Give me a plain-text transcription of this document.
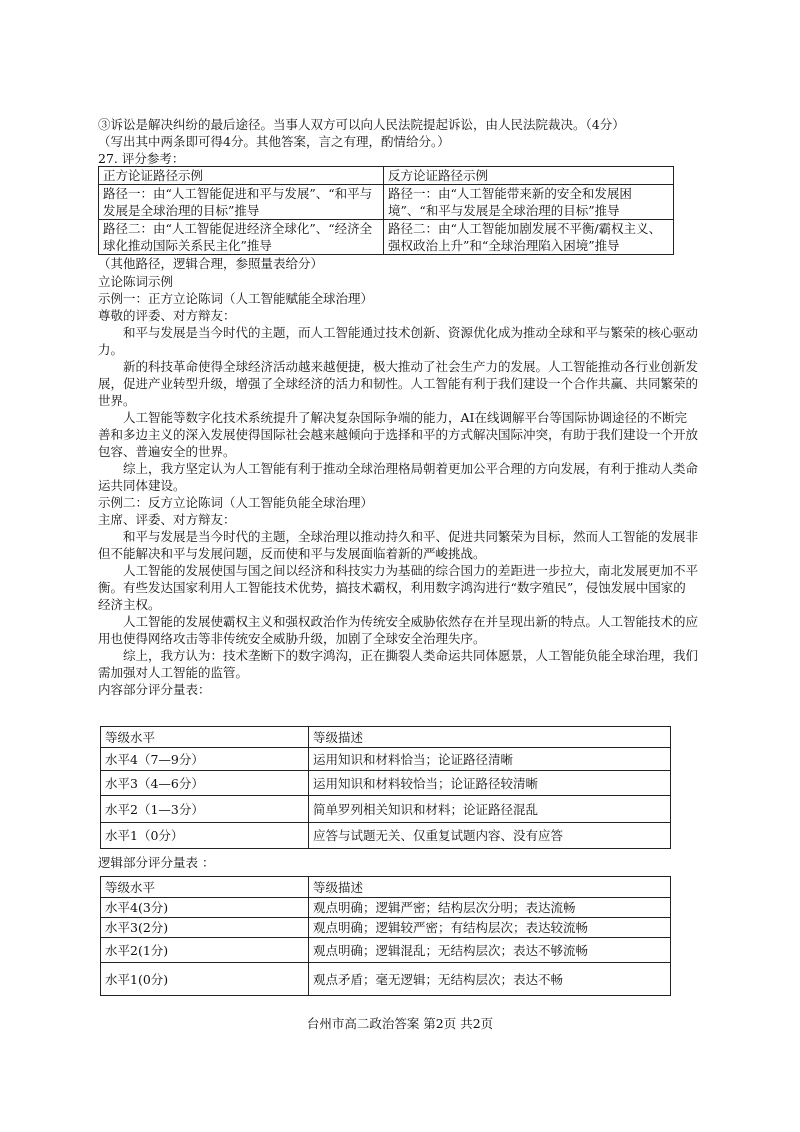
③诉讼是解决纠纷的最后途径。当事人双方可以向人民法院提起诉讼，由人民法院裁决。（4分）

（写出其中两条即可得4分。其他答案，言之有理，酌情给分。）

27. 评分参考：

正方论证路径示例	反方论证路径示例
路径一：由“人工智能促进和平与发展”、“和平与发展是全球治理的目标”推导	路径一：由“人工智能带来新的安全和发展困境”、“和平与发展是全球治理的目标”推导
路径二：由“人工智能促进经济全球化”、“经济全球化推动国际关系民主化”推导	路径二：由“人工智能加剧发展不平衡/霸权主义、强权政治上升”和“全球治理陷入困境”推导

（其他路径，逻辑合理，参照量表给分）

立论陈词示例

示例一：正方立论陈词（人工智能赋能全球治理）

尊敬的评委、对方辩友：

和平与发展是当今时代的主题，而人工智能通过技术创新、资源优化成为推动全球和平与繁荣的核心驱动力。

新的科技革命使得全球经济活动越来越便捷，极大推动了社会生产力的发展。人工智能推动各行业创新发展，促进产业转型升级，增强了全球经济的活力和韧性。人工智能有利于我们建设一个合作共赢、共同繁荣的世界。

人工智能等数字化技术系统提升了解决复杂国际争端的能力，AI在线调解平台等国际协调途径的不断完善和多边主义的深入发展使得国际社会越来越倾向于选择和平的方式解决国际冲突，有助于我们建设一个开放包容、普遍安全的世界。

综上，我方坚定认为人工智能有利于推动全球治理格局朝着更加公平合理的方向发展，有利于推动人类命运共同体建设。

示例二：反方立论陈词（人工智能负能全球治理）

主席、评委、对方辩友：

和平与发展是当今时代的主题，全球治理以推动持久和平、促进共同繁荣为目标，然而人工智能的发展非但不能解决和平与发展问题，反而使和平与发展面临着新的严峻挑战。

人工智能的发展使国与国之间以经济和科技实力为基础的综合国力的差距进一步拉大，南北发展更加不平衡。有些发达国家利用人工智能技术优势，搞技术霸权，利用数字鸿沟进行“数字殖民”，侵蚀发展中国家的经济主权。

人工智能的发展使霸权主义和强权政治作为传统安全威胁依然存在并呈现出新的特点。人工智能技术的应用也使得网络攻击等非传统安全威胁升级，加剧了全球安全治理失序。

综上，我方认为：技术垄断下的数字鸿沟，正在撕裂人类命运共同体愿景，人工智能负能全球治理，我们需加强对人工智能的监管。

内容部分评分量表：

等级水平	等级描述
水平4（7—9分）	运用知识和材料恰当；论证路径清晰
水平3（4—6分）	运用知识和材料较恰当；论证路径较清晰
水平2（1—3分）	简单罗列相关知识和材料；论证路径混乱
水平1（0分）	应答与试题无关、仅重复试题内容、没有应答

逻辑部分评分量表 ：

等级水平	等级描述
水平4(3分)	观点明确；逻辑严密；结构层次分明；表达流畅
水平3(2分)	观点明确；逻辑较严密；有结构层次；表达较流畅
水平2(1分)	观点明确；逻辑混乱；无结构层次；表达不够流畅
水平1(0分)	观点矛盾；毫无逻辑；无结构层次；表达不畅
台州市高二政治答案 第2页 共2页
